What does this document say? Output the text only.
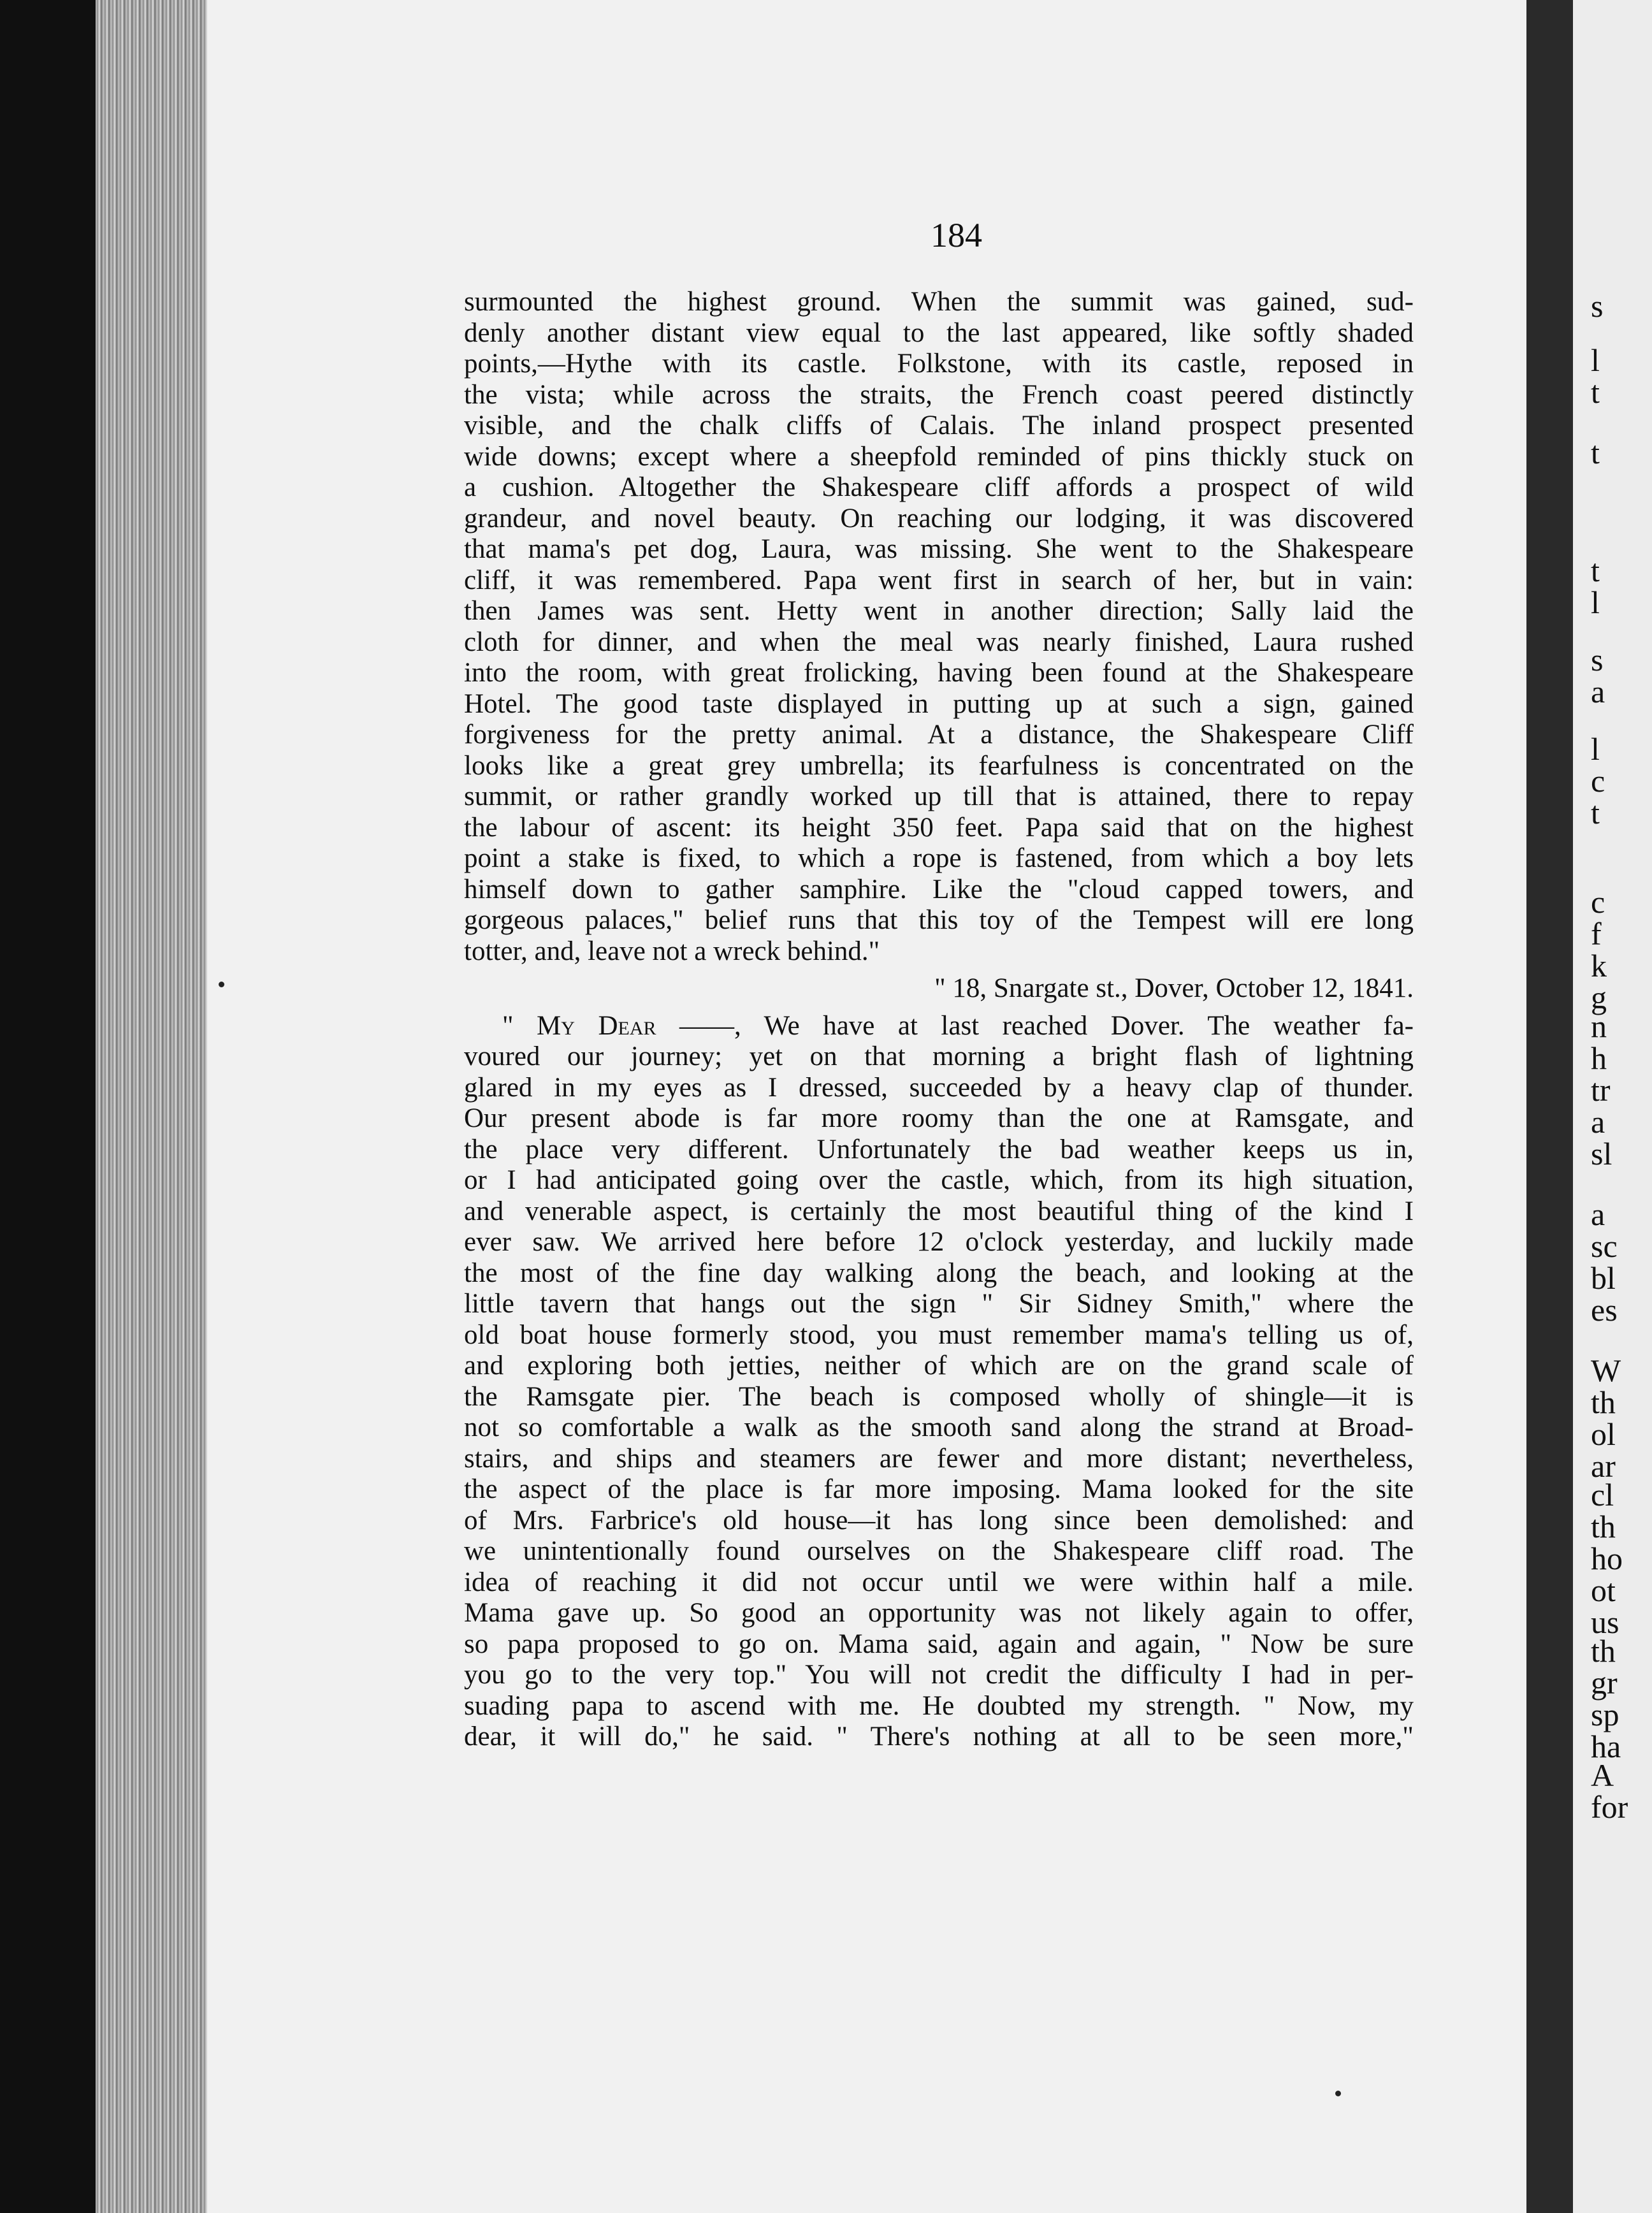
s
l
t
t
t
l
s
a
l
c
t
c
f
k
g
n
h
tr
a
sl
a
sc
bl
es
W
th
ol
ar
cl
th
ho
ot
us
th
gr
sp
ha
A
for
184
surmounted the highest ground. When the summit was gained, sud-
denly another distant view equal to the last appeared, like softly shaded
points,—Hythe with its castle. Folkstone, with its castle, reposed in
the vista; while across the straits, the French coast peered distinctly
visible, and the chalk cliffs of Calais. The inland prospect presented
wide downs; except where a sheepfold reminded of pins thickly stuck on
a cushion. Altogether the Shakespeare cliff affords a prospect of wild
grandeur, and novel beauty. On reaching our lodging, it was discovered
that mama's pet dog, Laura, was missing. She went to the Shakespeare
cliff, it was remembered. Papa went first in search of her, but in vain:
then James was sent. Hetty went in another direction; Sally laid the
cloth for dinner, and when the meal was nearly finished, Laura rushed
into the room, with great frolicking, having been found at the Shakespeare
Hotel. The good taste displayed in putting up at such a sign, gained
forgiveness for the pretty animal. At a distance, the Shakespeare Cliff
looks like a great grey umbrella; its fearfulness is concentrated on the
summit, or rather grandly worked up till that is attained, there to repay
the labour of ascent: its height 350 feet. Papa said that on the highest
point a stake is fixed, to which a rope is fastened, from which a boy lets
himself down to gather samphire. Like the "cloud capped towers, and
gorgeous palaces," belief runs that this toy of the Tempest will ere long
totter, and, leave not a wreck behind."
" 18, Snargate st., Dover, October 12, 1841.
" My Dear ——, We have at last reached Dover. The weather fa-
voured our journey; yet on that morning a bright flash of lightning
glared in my eyes as I dressed, succeeded by a heavy clap of thunder.
Our present abode is far more roomy than the one at Ramsgate, and
the place very different. Unfortunately the bad weather keeps us in,
or I had anticipated going over the castle, which, from its high situation,
and venerable aspect, is certainly the most beautiful thing of the kind I
ever saw. We arrived here before 12 o'clock yesterday, and luckily made
the most of the fine day walking along the beach, and looking at the
little tavern that hangs out the sign " Sir Sidney Smith," where the
old boat house formerly stood, you must remember mama's telling us of,
and exploring both jetties, neither of which are on the grand scale of
the Ramsgate pier. The beach is composed wholly of shingle—it is
not so comfortable a walk as the smooth sand along the strand at Broad-
stairs, and ships and steamers are fewer and more distant; nevertheless,
the aspect of the place is far more imposing. Mama looked for the site
of Mrs. Farbrice's old house—it has long since been demolished: and
we unintentionally found ourselves on the Shakespeare cliff road. The
idea of reaching it did not occur until we were within half a mile.
Mama gave up. So good an opportunity was not likely again to offer,
so papa proposed to go on. Mama said, again and again, " Now be sure
you go to the very top." You will not credit the difficulty I had in per-
suading papa to ascend with me. He doubted my strength. " Now, my
dear, it will do," he said. " There's nothing at all to be seen more,"
